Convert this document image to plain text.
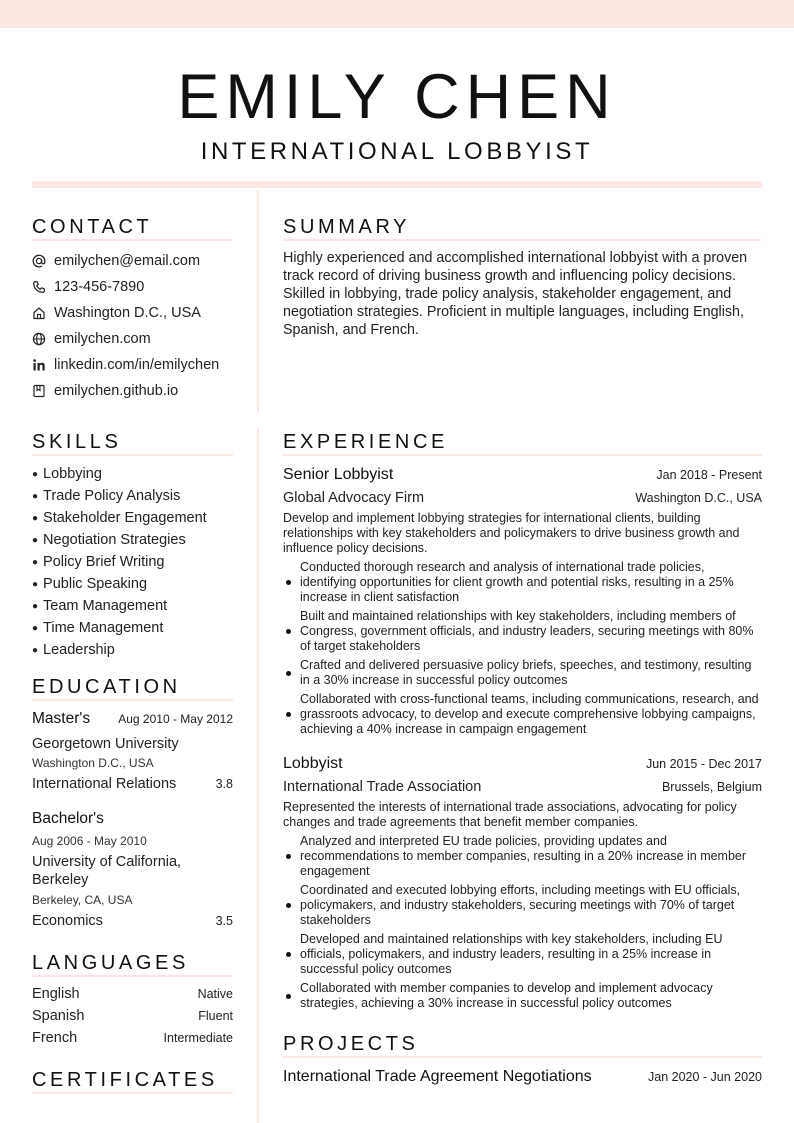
EMILY CHEN
INTERNATIONAL LOBBYIST
CONTACT
emilychen@email.com
123-456-7890
Washington D.C., USA
emilychen.com
linkedin.com/in/emilychen
emilychen.github.io
SUMMARY

Highly experienced and accomplished international lobbyist with a proven track record of driving business growth and influencing policy decisions. Skilled in lobbying, trade policy analysis, stakeholder engagement, and negotiation strategies. Proficient in multiple languages, including English, Spanish, and French.

SKILLS
● Lobbying
● Trade Policy Analysis
● Stakeholder Engagement
● Negotiation Strategies
● Policy Brief Writing
● Public Speaking
● Team Management
● Time Management
● Leadership
EDUCATION
Master's Aug 2010 - May 2012
Georgetown University
Washington D.C., USA
International Relations	3.8
Bachelor's
Aug 2006 - May 2010
University of California, Berkeley
Berkeley, CA, USA
Economics	3.5
LANGUAGES
English	Native
Spanish	Fluent
French	Intermediate
CERTIFICATES
EXPERIENCE
Senior Lobbyist	Jan 2018 - Present
Global Advocacy Firm	Washington D.C., USA

Develop and implement lobbying strategies for international clients, building relationships with key stakeholders and policymakers to drive business growth and influence policy decisions.

Conducted thorough research and analysis of international trade policies, identifying opportunities for client growth and potential risks, resulting in a 25% increase in client satisfaction
Built and maintained relationships with key stakeholders, including members of Congress, government officials, and industry leaders, securing meetings with 80% of target stakeholders
Crafted and delivered persuasive policy briefs, speeches, and testimony, resulting in a 30% increase in successful policy outcomes
Collaborated with cross-functional teams, including communications, research, and grassroots advocacy, to develop and execute comprehensive lobbying campaigns, achieving a 40% increase in campaign engagement
Lobbyist	Jun 2015 - Dec 2017
International Trade Association	Brussels, Belgium

Represented the interests of international trade associations, advocating for policy changes and trade agreements that benefit member companies.

Analyzed and interpreted EU trade policies, providing updates and recommendations to member companies, resulting in a 20% increase in member engagement
Coordinated and executed lobbying efforts, including meetings with EU officials, policymakers, and industry stakeholders, securing meetings with 70% of target stakeholders
Developed and maintained relationships with key stakeholders, including EU officials, policymakers, and industry leaders, resulting in a 25% increase in successful policy outcomes
Collaborated with member companies to develop and implement advocacy strategies, achieving a 30% increase in successful policy outcomes
PROJECTS
International Trade Agreement Negotiations	Jan 2020 - Jun 2020
